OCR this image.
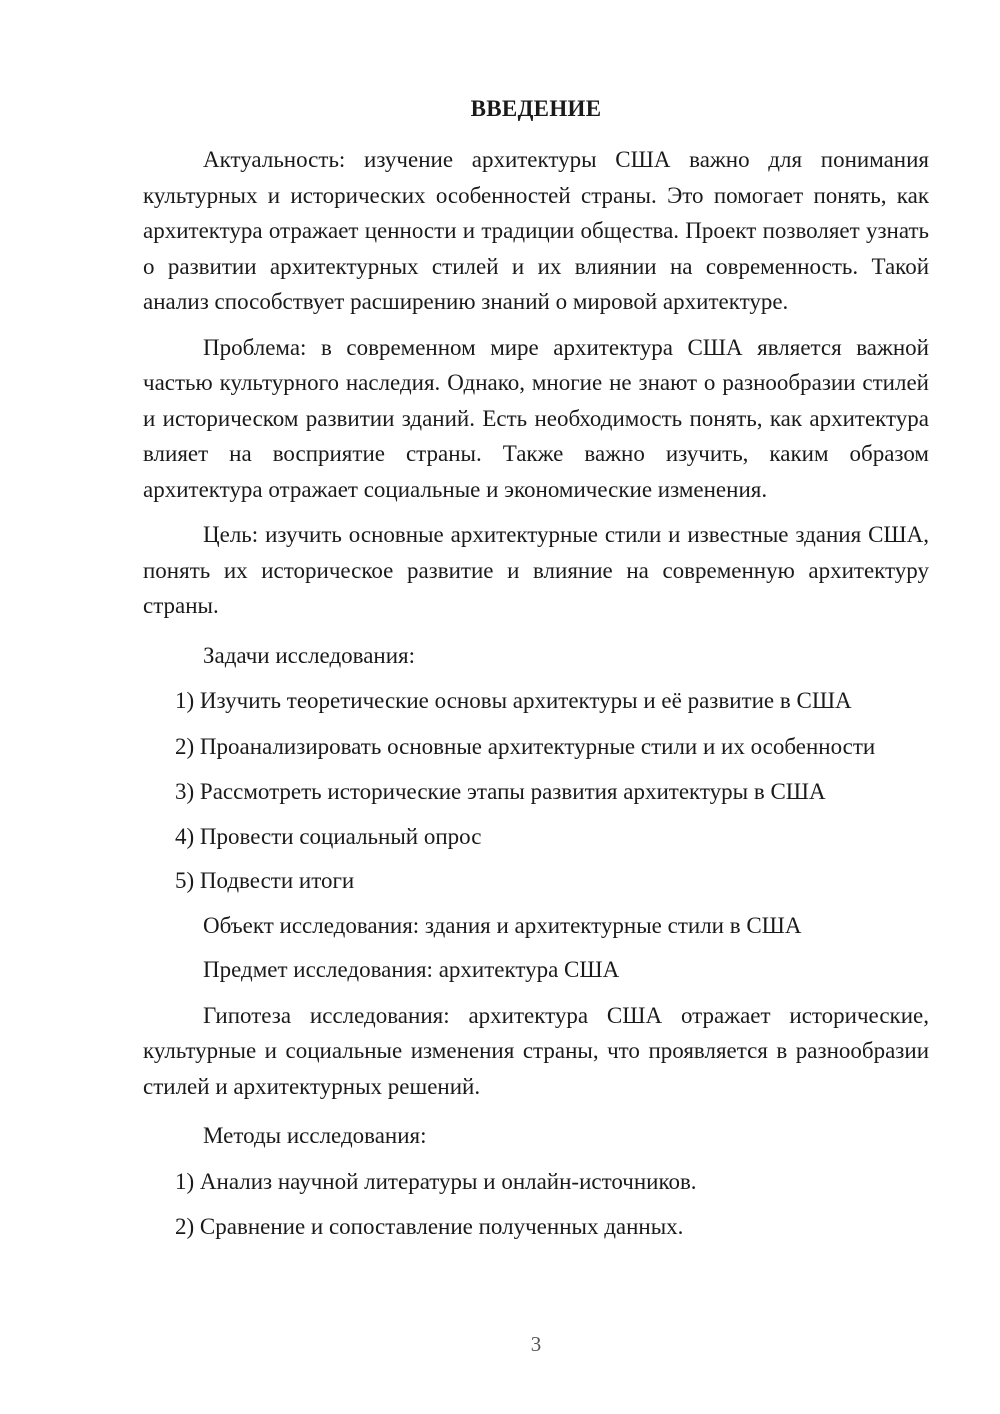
ВВЕДЕНИЕ

Актуальность: изучение архитектуры США важно для понимания культурных и исторических особенностей страны. Это помогает понять, как архитектура отражает ценности и традиции общества. Проект позволяет узнать о развитии архитектурных стилей и их влиянии на современность. Такой анализ способствует расширению знаний о мировой архитектуре.

Проблема: в современном мире архитектура США является важной частью культурного наследия. Однако, многие не знают о разнообразии стилей и историческом развитии зданий. Есть необходимость понять, как архитектура влияет на восприятие страны. Также важно изучить, каким образом архитектура отражает социальные и экономические изменения.

Цель: изучить основные архитектурные стили и известные здания США, понять их историческое развитие и влияние на современную архитектуру страны.

Задачи исследования:

1) Изучить теоретические основы архитектуры и её развитие в США

2) Проанализировать основные архитектурные стили и их особенности

3) Рассмотреть исторические этапы развития архитектуры в США

4) Провести социальный опрос

5) Подвести итоги

Объект исследования: здания и архитектурные стили в США

Предмет исследования: архитектура США

Гипотеза исследования: архитектура США отражает исторические, культурные и социальные изменения страны, что проявляется в разнообразии стилей и архитектурных решений.

Методы исследования:

1) Анализ научной литературы и онлайн-источников.

2) Сравнение и сопоставление полученных данных.

3
